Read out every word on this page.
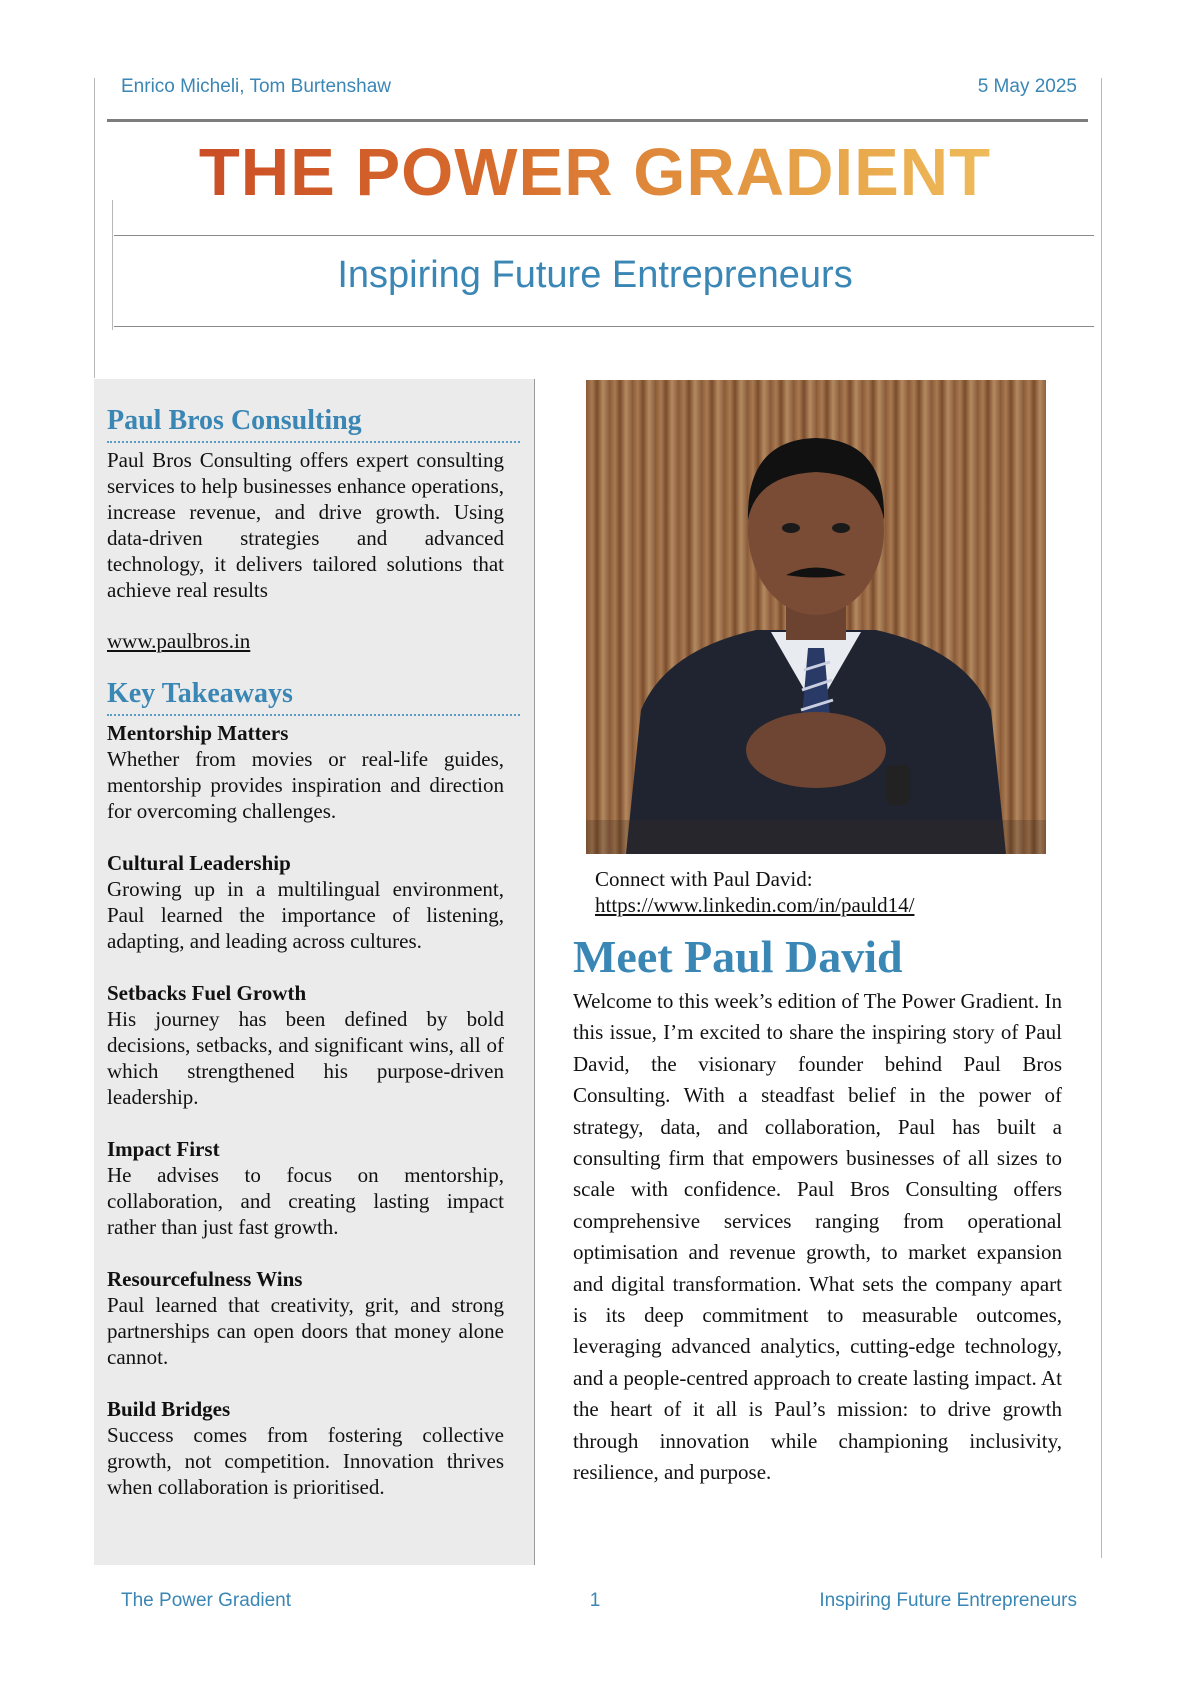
Enrico Micheli, Tom Burtenshaw	5 May 2025
THE POWER GRADIENT
Inspiring Future Entrepreneurs
Paul Bros Consulting

Paul Bros Consulting offers expert consulting services to help businesses enhance operations, increase revenue, and drive growth. Using data-driven strategies and advanced technology, it delivers tailored solutions that achieve real results

www.paulbros.in
Key Takeaways

Mentorship Matters

Whether from movies or real-life guides, mentorship provides inspiration and direction for overcoming challenges.

Cultural Leadership

Growing up in a multilingual environment, Paul learned the importance of listening, adapting, and leading across cultures.

Setbacks Fuel Growth

His journey has been defined by bold decisions, setbacks, and significant wins, all of which strengthened his purpose-driven leadership.

Impact First

He advises to focus on mentorship, collaboration, and creating lasting impact rather than just fast growth.

Resourcefulness Wins

Paul learned that creativity, grit, and strong partnerships can open doors that money alone cannot.

Build Bridges

Success comes from fostering collective growth, not competition. Innovation thrives when collaboration is prioritised.

Connect with Paul David:
https://www.linkedin.com/in/pauld14/
Meet Paul David

Welcome to this week’s edition of The Power Gradient. In this issue, I’m excited to share the inspiring story of Paul David, the visionary founder behind Paul Bros Consulting. With a steadfast belief in the power of strategy, data, and collaboration, Paul has built a consulting firm that empowers businesses of all sizes to scale with confidence. Paul Bros Consulting offers comprehensive services ranging from operational optimisation and revenue growth, to market expansion and digital transformation. What sets the company apart is its deep commitment to measurable outcomes, leveraging advanced analytics, cutting-edge technology, and a people-centred approach to create lasting impact. At the heart of it all is Paul’s mission: to drive growth through innovation while championing inclusivity, resilience, and purpose.

The Power Gradient	1	Inspiring Future Entrepreneurs
